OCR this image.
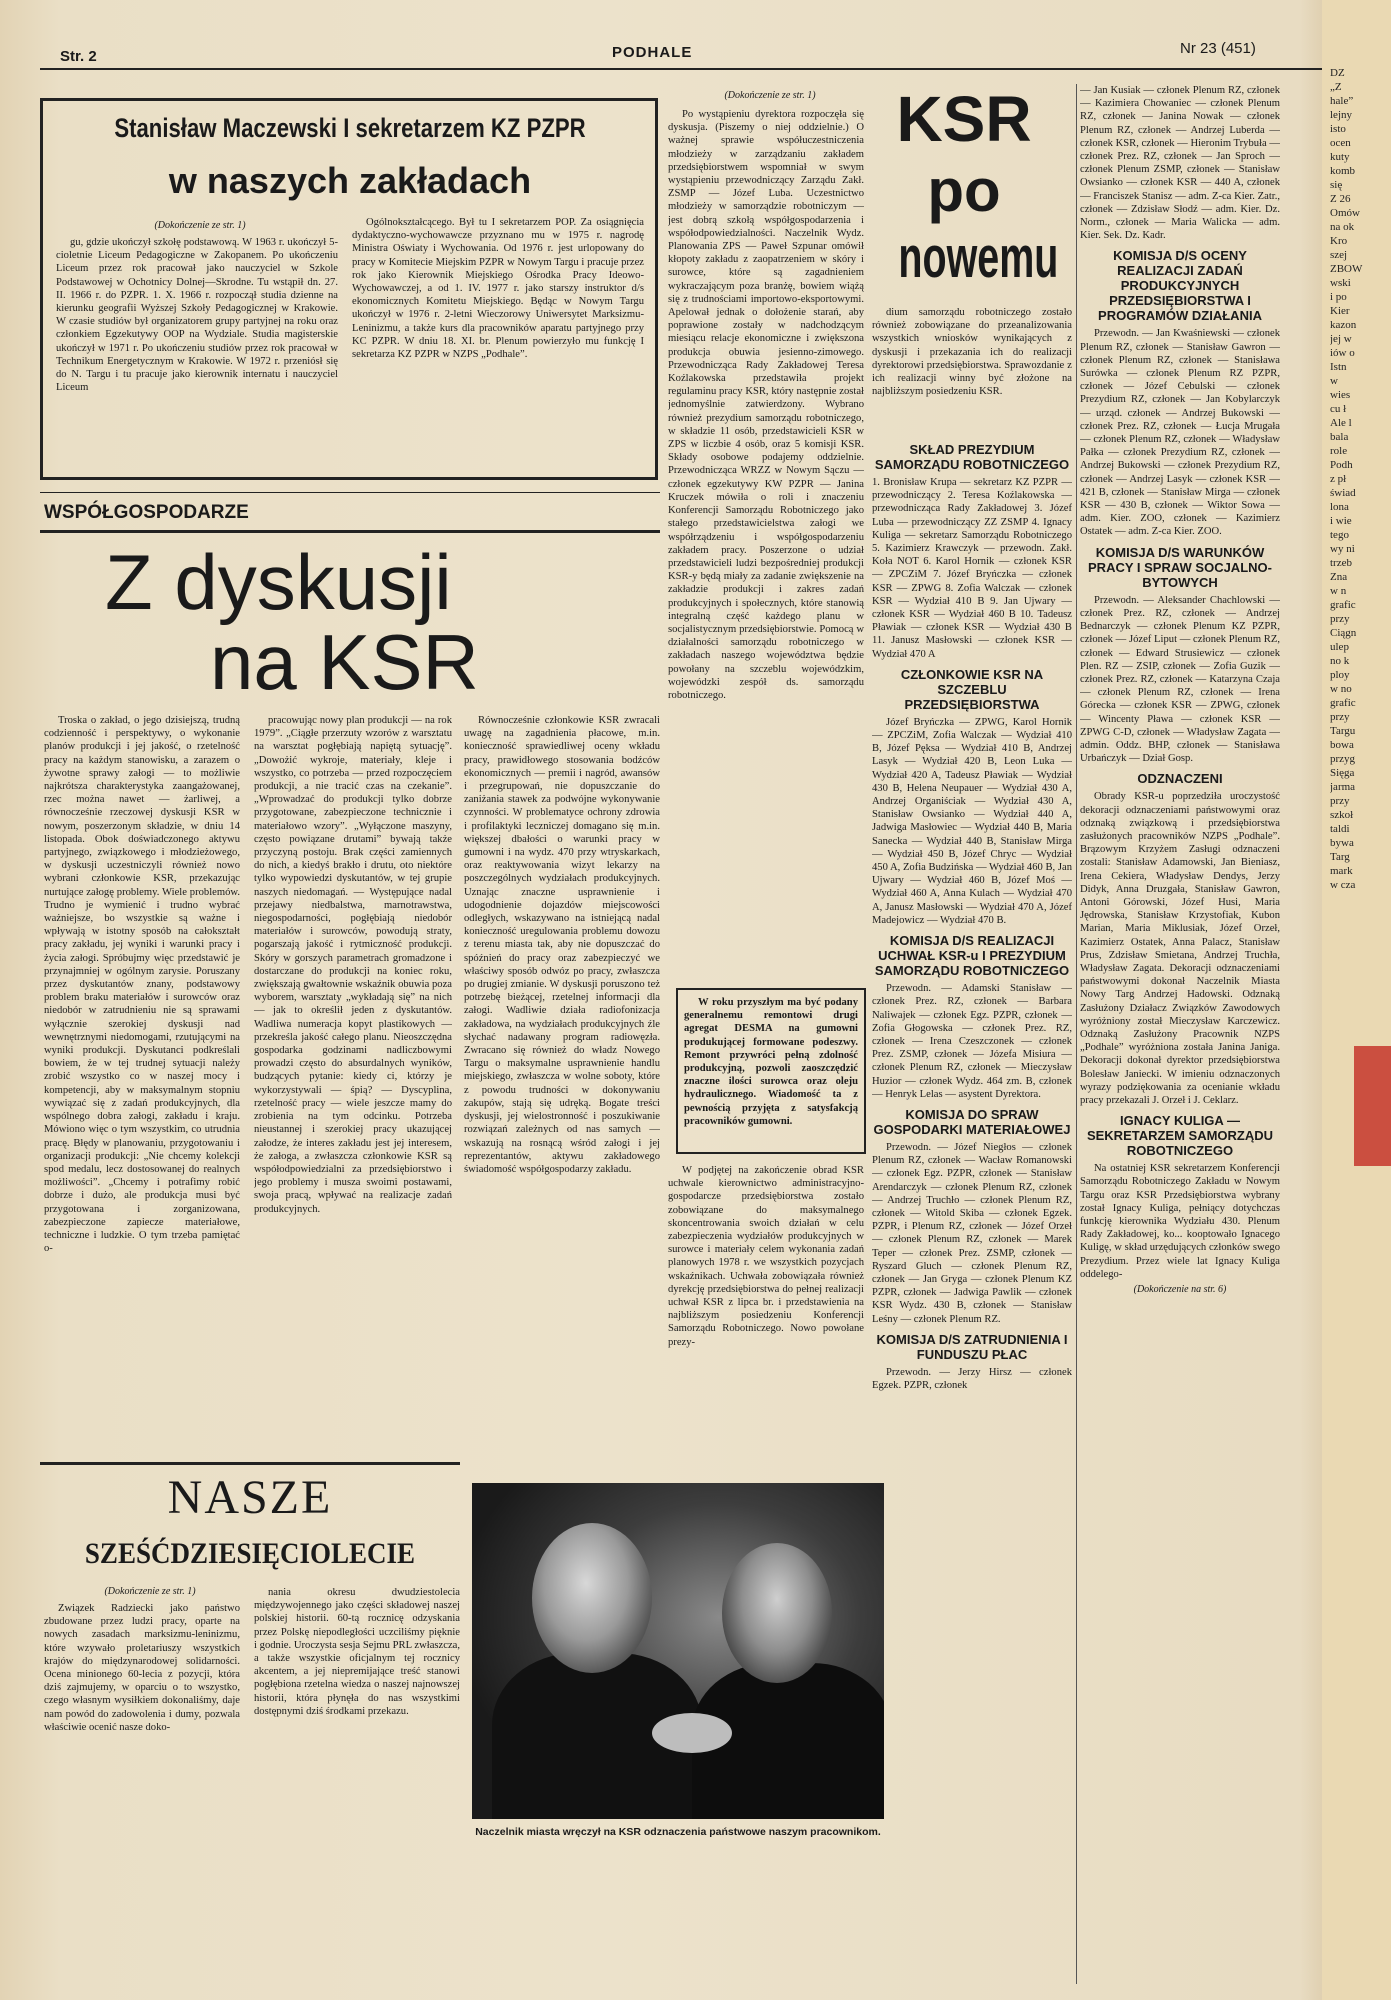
Str. 2	PODHALE	Nr 23 (451)
Stanisław Maczewski I sekretarzem KZ PZPR
w naszych zakładach
(Dokończenie ze str. 1)

gu, gdzie ukończył szkołę podstawową. W 1963 r. ukończył 5-cioletnie Liceum Pedagogiczne w Zakopanem. Po ukończeniu Liceum przez rok pracował jako nauczyciel w Szkole Podstawowej w Ochotnicy Dolnej—Skrodne. Tu wstąpił dn. 27. II. 1966 r. do PZPR. 1. X. 1966 r. rozpoczął studia dzienne na kierunku geografii Wyższej Szkoły Pedagogicznej w Krakowie. W czasie studiów był organizatorem grupy partyjnej na roku oraz członkiem Egzekutywy OOP na Wydziale. Studia magisterskie ukończył w 1971 r. Po ukończeniu studiów przez rok pracował w Technikum Energetycznym w Krakowie. W 1972 r. przeniósł się do N. Targu i tu pracuje jako kierownik internatu i nauczyciel Liceum

Ogólnokształcącego. Był tu I sekretarzem POP. Za osiągnięcia dydaktyczno-wychowawcze przyznano mu w 1975 r. nagrodę Ministra Oświaty i Wychowania. Od 1976 r. jest urlopowany do pracy w Komitecie Miejskim PZPR w Nowym Targu i pracuje przez rok jako Kierownik Miejskiego Ośrodka Pracy Ideowo-Wychowawczej, a od 1. IV. 1977 r. jako starszy instruktor d/s ekonomicznych Komitetu Miejskiego. Będąc w Nowym Targu ukończył w 1976 r. 2-letni Wieczorowy Uniwersytet Marksizmu-Leninizmu, a także kurs dla pracowników aparatu partyjnego przy KC PZPR. W dniu 18. XI. br. Plenum powierzyło mu funkcję I sekretarza KZ PZPR w NZPS „Podhale”.

(Dokończenie ze str. 1)

Po wystąpieniu dyrektora rozpoczęła się dyskusja. (Piszemy o niej oddzielnie.) O ważnej sprawie współuczestniczenia młodzieży w zarządzaniu zakładem przedsiębiorstwem wspomniał w swym wystąpieniu przewodniczący Zarządu Zakł. ZSMP — Józef Luba. Uczestnictwo młodzieży w samorządzie robotniczym — jest dobrą szkołą współgospodarzenia i współodpowiedzialności. Naczelnik Wydz. Planowania ZPS — Paweł Szpunar omówił kłopoty zakładu z zaopatrzeniem w skóry i surowce, które są zagadnieniem wykraczającym poza branżę, bowiem wiążą się z trudnościami importowo-eksportowymi. Apelował jednak o dołożenie starań, aby poprawione zostały w nadchodzącym miesiącu relacje ekonomiczne i zwiększona produkcja obuwia jesienno-zimowego. Przewodnicząca Rady Zakładowej Teresa Koźlakowska przedstawiła projekt regulaminu pracy KSR, który następnie został jednomyślnie zatwierdzony. Wybrano również prezydium samorządu robotniczego, w składzie 11 osób, przedstawicieli KSR w ZPS w liczbie 4 osób, oraz 5 komisji KSR. Składy osobowe podajemy oddzielnie. Przewodnicząca WRZZ w Nowym Sączu — członek egzekutywy KW PZPR — Janina Kruczek mówiła o roli i znaczeniu Konferencji Samorządu Robotniczego jako stałego przedstawicielstwa załogi we współrządzeniu i współgospodarzeniu zakładem pracy. Poszerzone o udział przedstawicieli ludzi bezpośredniej produkcji KSR-y będą miały za zadanie zwiększenie na zakładzie produkcji i zakres zadań produkcyjnych i społecznych, które stanowią integralną część każdego planu w socjalistycznym przedsiębiorstwie. Pomocą w działalności samorządu robotniczego w zakładach naszego województwa będzie powołany na szczeblu wojewódzkim, wojewódzki zespół ds. samorządu robotniczego.

W roku przyszłym ma być podany generalnemu remontowi drugi agregat DESMA na gumowni produkującej formowane podeszwy. Remont przywróci pełną zdolność produkcyjną, pozwoli zaoszczędzić znaczne ilości surowca oraz oleju hydraulicznego. Wiadomość ta z pewnością przyjęta z satysfakcją pracowników gumowni.

W podjętej na zakończenie obrad KSR uchwale kierownictwo administracyjno-gospodarcze przedsiębiorstwa zostało zobowiązane do maksymalnego skoncentrowania swoich działań w celu zabezpieczenia wydziałów produkcyjnych w surowce i materiały celem wykonania zadań planowych 1978 r. we wszystkich pozycjach wskaźnikach. Uchwała zobowiązała również dyrekcję przedsiębiorstwa do pełnej realizacji uchwał KSR z lipca br. i przedstawienia na najbliższym posiedzeniu Konferencji Samorządu Robotniczego. Nowo powołane prezy-

KSR
po
nowemu

dium samorządu robotniczego zostało również zobowiązane do przeanalizowania wszystkich wniosków wynikających z dyskusji i przekazania ich do realizacji dyrektorowi przedsiębiorstwa. Sprawozdanie z ich realizacji winny być złożone na najbliższym posiedzeniu KSR.

SKŁAD PREZYDIUM SAMORZĄDU ROBOTNICZEGO

1. Bronisław Krupa — sekretarz KZ PZPR — przewodniczący 2. Teresa Koźlakowska — przewodnicząca Rady Zakładowej 3. Józef Luba — przewodniczący ZZ ZSMP 4. Ignacy Kuliga — sekretarz Samorządu Robotniczego 5. Kazimierz Krawczyk — przewodn. Zakł. Koła NOT 6. Karol Hornik — członek KSR — ZPCZiM 7. Józef Bryńczka — członek KSR — ZPWG 8. Zofia Walczak — członek KSR — Wydział 410 B 9. Jan Ujwary — członek KSR — Wydział 460 B 10. Tadeusz Pławiak — członek KSR — Wydział 430 B 11. Janusz Masłowski — członek KSR — Wydział 470 A

CZŁONKOWIE KSR NA SZCZEBLU PRZEDSIĘBIORSTWA

Józef Bryńczka — ZPWG, Karol Hornik — ZPCZiM, Zofia Walczak — Wydział 410 B, Józef Pęksa — Wydział 410 B, Andrzej Lasyk — Wydział 420 B, Leon Luka — Wydział 420 A, Tadeusz Pławiak — Wydział 430 B, Helena Neupauer — Wydział 430 A, Andrzej Organiściak — Wydział 430 A, Stanisław Owsianko — Wydział 440 A, Jadwiga Masłowiec — Wydział 440 B, Maria Sanecka — Wydział 440 B, Stanisław Mirga — Wydział 450 B, Józef Chryc — Wydział 450 A, Zofia Budzińska — Wydział 460 B, Jan Ujwary — Wydział 460 B, Józef Moś — Wydział 460 A, Anna Kulach — Wydział 470 A, Janusz Masłowski — Wydział 470 A, Józef Madejowicz — Wydział 470 B.

KOMISJA D/S REALIZACJI UCHWAŁ KSR-u I PREZYDIUM SAMORZĄDU ROBOTNICZEGO

Przewodn. — Adamski Stanisław — członek Prez. RZ, członek — Barbara Naliwajek — członek Egz. PZPR, członek — Zofia Głogowska — członek Prez. RZ, członek — Irena Czeszczonek — członek Prez. ZSMP, członek — Józefa Misiura — członek Plenum RZ, członek — Mieczysław Huzior — członek Wydz. 464 zm. B, członek — Henryk Lelas — asystent Dyrektora.

KOMISJA DO SPRAW GOSPODARKI MATERIAŁOWEJ

Przewodn. — Józef Niegłos — członek Plenum RZ, członek — Wacław Romanowski — członek Egz. PZPR, członek — Stanisław Arendarczyk — członek Plenum RZ, członek — Andrzej Truchło — członek Plenum RZ, członek — Witold Skiba — członek Egzek. PZPR, i Plenum RZ, członek — Józef Orzeł — członek Plenum RZ, członek — Marek Teper — członek Prez. ZSMP, członek — Ryszard Gluch — członek Plenum RZ, członek — Jan Gryga — członek Plenum KZ PZPR, członek — Jadwiga Pawlik — członek KSR Wydz. 430 B, członek — Stanisław Leśny — członek Plenum RZ.

KOMISJA D/S ZATRUDNIENIA I FUNDUSZU PŁAC

Przewodn. — Jerzy Hirsz — członek Egzek. PZPR, członek

— Jan Kusiak — członek Plenum RZ, członek — Kazimiera Chowaniec — członek Plenum RZ, członek — Janina Nowak — członek Plenum RZ, członek — Andrzej Luberda — członek KSR, członek — Hieronim Trybuła — członek Prez. RZ, członek — Jan Sproch — członek Plenum ZSMP, członek — Stanisław Owsianko — członek KSR — 440 A, członek — Franciszek Stanisz — adm. Z-ca Kier. Zatr., członek — Zdzisław Słodź — adm. Kier. Dz. Norm., członek — Maria Walicka — adm. Kier. Sek. Dz. Kadr.

KOMISJA D/S OCENY REALIZACJI ZADAŃ PRODUKCYJNYCH PRZEDSIĘBIORSTWA I PROGRAMÓW DZIAŁANIA

Przewodn. — Jan Kwaśniewski — członek Plenum RZ, członek — Stanisław Gawron — członek Plenum RZ, członek — Stanisława Surówka — członek Plenum RZ PZPR, członek — Józef Cebulski — członek Prezydium RZ, członek — Jan Kobylarczyk — urząd. członek — Andrzej Bukowski — członek Prez. RZ, członek — Łucja Mrugała — członek Plenum RZ, członek — Władysław Pałka — członek Prezydium RZ, członek — Andrzej Bukowski — członek Prezydium RZ, członek — Andrzej Lasyk — członek KSR — 421 B, członek — Stanisław Mirga — członek KSR — 430 B, członek — Wiktor Sowa — adm. Kier. ZOO, członek — Kazimierz Ostatek — adm. Z-ca Kier. ZOO.

KOMISJA D/S WARUNKÓW PRACY I SPRAW SOCJALNO-BYTOWYCH

Przewodn. — Aleksander Chachlowski — członek Prez. RZ, członek — Andrzej Bednarczyk — członek Plenum KZ PZPR, członek — Józef Liput — członek Plenum RZ, członek — Edward Strusiewicz — członek Plen. RZ — ZSIP, członek — Zofia Guzik — członek Prez. RZ, członek — Katarzyna Czaja — członek Plenum RZ, członek — Irena Górecka — członek KSR — ZPWG, członek — Wincenty Pławа — członek KSR — ZPWG C-D, członek — Władysław Zagata — admin. Oddz. BHP, członek — Stanisława Urbańczyk — Dział Gosp.

ODZNACZENI

Obrady KSR-u poprzedziła uroczystość dekoracji odznaczeniami państwowymi oraz odznaką związkową i przedsiębiorstwa zasłużonych pracowników NZPS „Podhale”. Brązowym Krzyżem Zasługi odznaczeni zostali: Stanisław Adamowski, Jan Bieniasz, Irena Cekiera, Władysław Dendys, Jerzy Didyk, Anna Druzgała, Stanisław Gawron, Antoni Górowski, Józef Husi, Maria Jędrowska, Stanisław Krzystofiak, Kubon Marian, Maria Miklusiak, Józef Orzeł, Kazimierz Ostatek, Anna Palacz, Stanisław Prus, Zdzisław Smietana, Andrzej Truchła, Władysław Zagata. Dekoracji odznaczeniami państwowymi dokonał Naczelnik Miasta Nowy Targ Andrzej Hadowski. Odznaką Zasłużony Działacz Związków Zawodowych wyróżniony został Mieczysław Karczewicz. Odznaką Zasłużony Pracownik NZPS „Podhale” wyróżniona została Janina Janiga. Dekoracji dokonał dyrektor przedsiębiorstwa Bolesław Janiecki. W imieniu odznaczonych wyrazy podziękowania za ocenianie wkładu pracy przekazali J. Orzeł i J. Ceklarz.

IGNACY KULIGA — SEKRETARZEM SAMORZĄDU ROBOTNICZEGO

Na ostatniej KSR sekretarzem Konferencji Samorządu Robotniczego Zakładu w Nowym Targu oraz KSR Przedsiębiorstwa wybrany został Ignacy Kuliga, pełniący dotychczas funkcję kierownika Wydziału 430. Plenum Rady Zakładowej, ko... kooptowało Ignacego Kuligę, w skład urzędujących członków swego Prezydium. Przez wiele lat Ignacy Kuliga oddelego-

(Dokończenie na str. 6)
DZ
„Z
hale”
lejny
isto
ocen
kuty
komb
się
Z 26
Omów
na ok
Kro
szej
ZBOW
wski
i po
Kier
kazon
jej w
iów o
Istn
w
wies
cu ł
Ale l
bala
role
Podh
z pł
świad
lona
i wie
tego
wy ni
trzeb
Zna
w n
grafic
przy
Ciągn
ulep
no k
ploy
w no
grafic
przy
Targu
bowa
przyg
Sięga
jarma
przy
szkoł
taldi
bywa
Targ
mark
w cza
WSPÓŁGOSPODARZE
Z dyskusji
na KSR

Troska o zakład, o jego dzisiejszą, trudną codzienność i perspektywy, o wykonanie planów produkcji i jej jakość, o rzetelność pracy na każdym stanowisku, a zarazem o żywotne sprawy załogi — to możliwie najkrótsza charakterystyka zaangażowanej, rzec można nawet — żarliwej, a równocześnie rzeczowej dyskusji KSR w nowym, poszerzonym składzie, w dniu 14 listopada. Obok doświadczonego aktywu partyjnego, związkowego i młodzieżowego, w dyskusji uczestniczyli również nowo wybrani członkowie KSR, przekazując nurtujące załogę problemy. Wiele problemów. Trudno je wymienić i trudno wybrać ważniejsze, bo wszystkie są ważne i wpływają w istotny sposób na całokształt pracy zakładu, jej wyniki i warunki pracy i życia załogi. Spróbujmy więc przedstawić je przynajmniej w ogólnym zarysie. Poruszany przez dyskutantów znany, podstawowy problem braku materiałów i surowców oraz niedobór w zatrudnieniu nie są sprawami wyłącznie szerokiej dyskusji nad wewnętrznymi niedomogami, rzutującymi na wyniki produkcji. Dyskutanci podkreślali bowiem, że w tej trudnej sytuacji należy zrobić wszystko co w naszej mocy i kompetencji, aby w maksymalnym stopniu wywiązać się z zadań produkcyjnych, dla wspólnego dobra załogi, zakładu i kraju. Mówiono więc o tym wszystkim, co utrudnia pracę. Błędy w planowaniu, przygotowaniu i organizacji produkcji: „Nie chcemy kolekcji spod medalu, lecz dostosowanej do realnych możliwości”. „Chcemy i potrafimy robić dobrze i dużo, ale produkcja musi być przygotowana i zorganizowana, zabezpieczone zapiecze materiałowe, techniczne i ludzkie. O tym trzeba pamiętać o-

pracowując nowy plan produkcji — na rok 1979”. „Ciągłe przerzuty wzorów z warsztatu na warsztat pogłębiają napiętą sytuację”. „Dowożić wykroje, materiały, kleje i wszystko, co potrzeba — przed rozpoczęciem produkcji, a nie tracić czas na czekanie”. „Wprowadzać do produkcji tylko dobrze przygotowane, zabezpieczone technicznie i materiałowo wzory”. „Wyłączone maszyny, często powiązane drutami” bywają także przyczyną postoju. Brak części zamiennych do nich, a kiedyś brakło i drutu, oto niektóre tylko wypowiedzi dyskutantów, w tej grupie naszych niedomagań. — Występujące nadal przejawy niedbalstwa, marnotrawstwa, niegospodarności, pogłębiają niedobór materiałów i surowców, powodują straty, pogarszają jakość i rytmiczność produkcji. Skóry w gorszych parametrach gromadzone i dostarczane do produkcji na koniec roku, zwiększają gwałtownie wskaźnik obuwia poza wyborem, warsztaty „wykładają się” na nich — jak to określił jeden z dyskutantów. Wadliwa numeracja kopyt plastikowych — przekreśla jakość całego planu. Nieoszczędna gospodarka godzinami nadliczbowymi prowadzi często do absurdalnych wyników, budzących pytanie: kiedy ci, którzy je wykorzystywali — śpią? — Dyscyplina, rzetelność pracy — wiele jeszcze mamy do zrobienia na tym odcinku. Potrzeba nieustannej i szerokiej pracy ukazującej załodze, że interes zakładu jest jej interesem, że załoga, a zwłaszcza członkowie KSR są współodpowiedzialni za przedsiębiorstwo i jego problemy i musza swoimi postawami, swoja pracą, wpływać na realizacje zadań produkcyjnych.

Równocześnie członkowie KSR zwracali uwagę na zagadnienia płacowe, m.in. konieczność sprawiedliwej oceny wkładu pracy, prawidłowego stosowania bodźców ekonomicznych — premii i nagród, awansów i przegrupowań, nie dopuszczanie do zaniżania stawek za podwójne wykonywanie czynności. W problematyce ochrony zdrowia i profilaktyki leczniczej domagano się m.in. większej dbałości o warunki pracy w gumowni i na wydz. 470 przy wtryskarkach, oraz reaktywowania wizyt lekarzy na poszczególnych wydziałach produkcyjnych. Uznając znaczne usprawnienie i udogodnienie dojazdów miejscowości odległych, wskazywano na istniejącą nadal konieczność uregulowania problemu dowozu z terenu miasta tak, aby nie dopuszczać do spóźnień do pracy oraz zabezpieczyć we właściwy sposób odwóz po pracy, zwłaszcza po drugiej zmianie. W dyskusji poruszono też potrzebę bieżącej, rzetelnej informacji dla załogi. Wadliwie działa radiofonizacja zakładowa, na wydziałach produkcyjnych źle słychać nadawany program radiowęzła. Zwracano się również do władz Nowego Targu o maksymalne usprawnienie handlu miejskiego, zwłaszcza w wolne soboty, które z powodu trudności w dokonywaniu zakupów, stają się udręką. Bogate treści dyskusji, jej wielostronność i poszukiwanie rozwiązań zależnych od nas samych — wskazują na rosnącą wśród załogi i jej reprezentantów, aktywu zakładowego świadomość współgospodarzy zakładu.

NASZE
SZEŚĆDZIESIĘCIOLECIE
(Dokończenie ze str. 1)

Związek Radziecki jako państwo zbudowane przez ludzi pracy, oparte na nowych zasadach marksizmu-leninizmu, które wzywało proletariuszy wszystkich krajów do międzynarodowej solidarności. Ocena minionego 60-lecia z pozycji, która dziś zajmujemy, w oparciu o to wszystko, czego własnym wysiłkiem dokonaliśmy, daje nam powód do zadowolenia i dumy, pozwala właściwie ocenić nasze doko-

nania okresu dwudziestolecia międzywojennego jako części składowej naszej polskiej historii. 60-tą rocznicę odzyskania przez Polskę niepodległości uczciliśmy pięknie i godnie. Uroczysta sesja Sejmu PRL zwłaszcza, a także wszystkie oficjalnym tej rocznicy akcentem, a jej niepremijające treść stanowi pogłębiona rzetelna wiedza o naszej najnowszej historii, która płynęła do nas wszystkimi dostępnymi dziś środkami przekazu.

Naczelnik miasta wręczył na KSR odznaczenia państwowe naszym pracownikom.
